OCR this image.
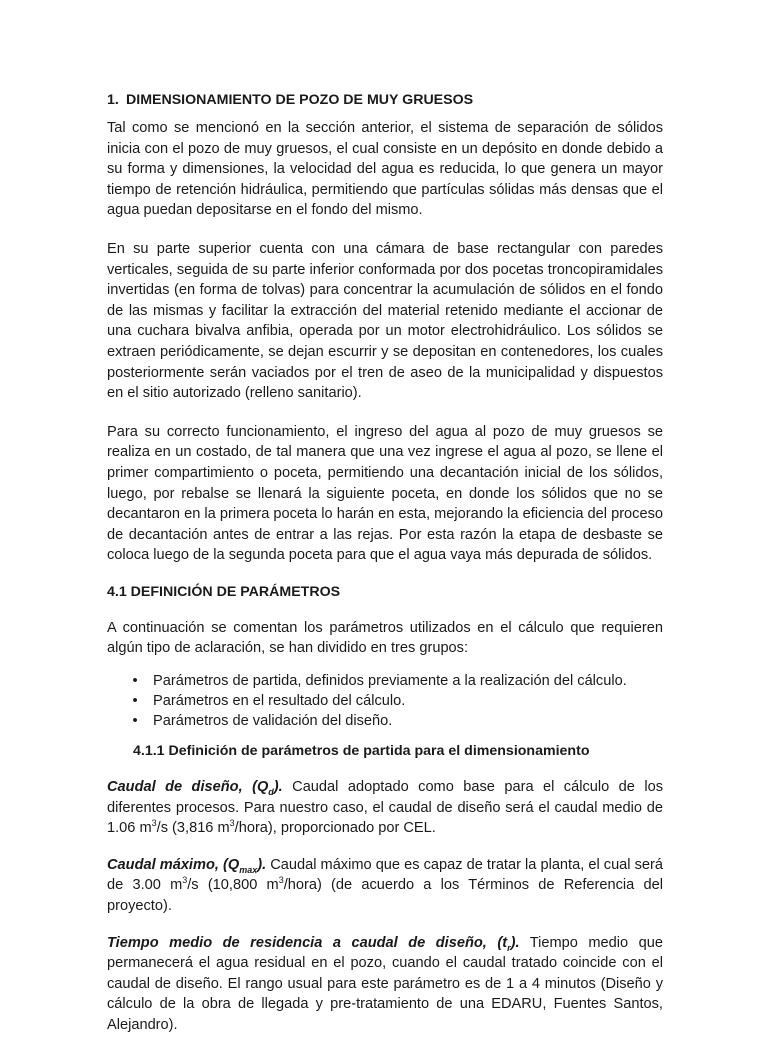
1. DIMENSIONAMIENTO DE POZO DE MUY GRUESOS

Tal como se mencionó en la sección anterior, el sistema de separación de sólidos inicia con el pozo de muy gruesos, el cual consiste en un depósito en donde debido a su forma y dimensiones, la velocidad del agua es reducida, lo que genera un mayor tiempo de retención hidráulica, permitiendo que partículas sólidas más densas que el agua puedan depositarse en el fondo del mismo.

En su parte superior cuenta con una cámara de base rectangular con paredes verticales, seguida de su parte inferior conformada por dos pocetas troncopiramidales invertidas (en forma de tolvas) para concentrar la acumulación de sólidos en el fondo de las mismas y facilitar la extracción del material retenido mediante el accionar de una cuchara bivalva anfibia, operada por un motor electrohidráulico. Los sólidos se extraen periódicamente, se dejan escurrir y se depositan en contenedores, los cuales posteriormente serán vaciados por el tren de aseo de la municipalidad y dispuestos en el sitio autorizado (relleno sanitario).

Para su correcto funcionamiento, el ingreso del agua al pozo de muy gruesos se realiza en un costado, de tal manera que una vez ingrese el agua al pozo, se llene el primer compartimiento o poceta, permitiendo una decantación inicial de los sólidos, luego, por rebalse se llenará la siguiente poceta, en donde los sólidos que no se decantaron en la primera poceta lo harán en esta, mejorando la eficiencia del proceso de decantación antes de entrar a las rejas. Por esta razón la etapa de desbaste se coloca luego de la segunda poceta para que el agua vaya más depurada de sólidos.

4.1 DEFINICIÓN DE PARÁMETROS

A continuación se comentan los parámetros utilizados en el cálculo que requieren algún tipo de aclaración, se han dividido en tres grupos:

• Parámetros de partida, definidos previamente a la realización del cálculo.
• Parámetros en el resultado del cálculo.
• Parámetros de validación del diseño.
4.1.1 Definición de parámetros de partida para el dimensionamiento

Caudal de diseño, $(Q_d)$. Caudal adoptado como base para el cálculo de los diferentes procesos. Para nuestro caso, el caudal de diseño será el caudal medio de 1.06 $m^3/s$ (3,816 $m^3/hora$), proporcionado por CEL.

Caudal máximo, $(Q_{max})$. Caudal máximo que es capaz de tratar la planta, el cual será de 3.00 $m^3/s$ (10,800 $m^3/hora$) (de acuerdo a los Términos de Referencia del proyecto).

Tiempo medio de residencia a caudal de diseño, $(t_r)$. Tiempo medio que permanecerá el agua residual en el pozo, cuando el caudal tratado coincide con el caudal de diseño. El rango usual para este parámetro es de 1 a 4 minutos (Diseño y cálculo de la obra de llegada y pre-tratamiento de una EDARU, Fuentes Santos, Alejandro).
